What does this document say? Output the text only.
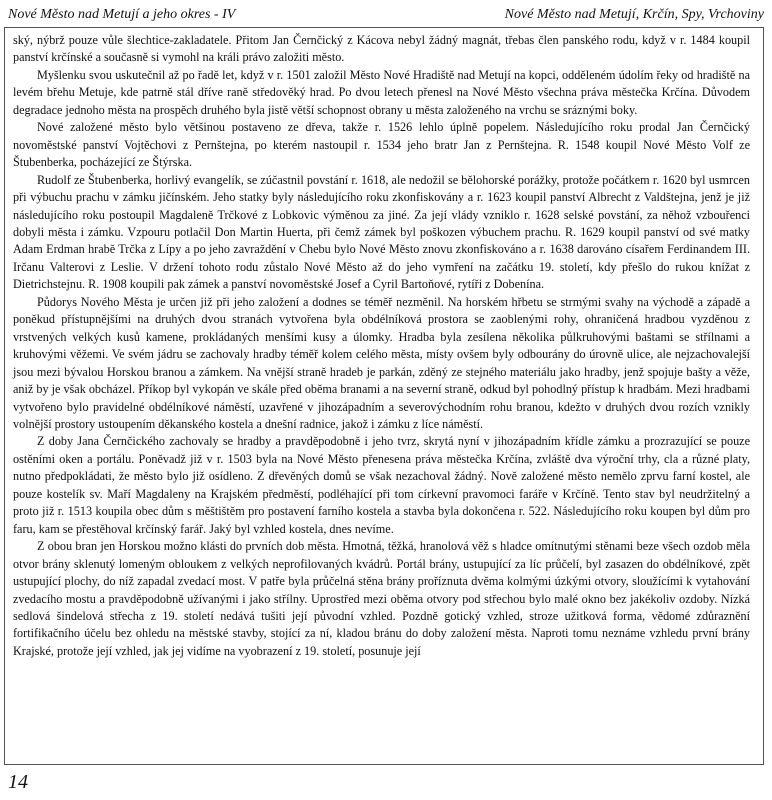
Nové Město nad Metují a jeho okres - IV	Nové Město nad Metují, Krčín, Spy, Vrchoviny

ský, nýbrž pouze vůle šlechtice-zakladatele. Přitom Jan Černčický z Kácova nebyl žádný magnát, třebas člen panského rodu, když v r. 1484 koupil panství krčínské a současně si vymohl na králi právo založiti město.

Myšlenku svou uskutečnil až po řadě let, když v r. 1501 založil Město Nové Hradiště nad Metují na kopci, odděleném údolím řeky od hradiště na levém břehu Metuje, kde patrně stál dříve raně středověký hrad. Po dvou letech přenesl na Nové Město všechna práva městečka Krčína. Důvodem degradace jednoho města na prospěch druhého byla jistě větší schopnost obrany u města založeného na vrchu se sráznými boky.

Nové založené město bylo většinou postaveno ze dřeva, takže r. 1526 lehlo úplně popelem. Následujícího roku prodal Jan Černčický novoměstské panství Vojtěchovi z Pernštejna, po kterém nastoupil r. 1534 jeho bratr Jan z Pernštejna. R. 1548 koupil Nové Město Volf ze Štubenberka, pocházející ze Štýrska.

Rudolf ze Štubenberka, horlivý evangelík, se zúčastnil povstání r. 1618, ale nedožil se bělohorské porážky, protože počátkem r. 1620 byl usmrcen při výbuchu prachu v zámku jičínském. Jeho statky byly následujícího roku zkonfiskovány a r. 1623 koupil panství Albrecht z Valdštejna, jenž je již následujícího roku postoupil Magdaleně Trčkové z Lobkovic výměnou za jiné. Za její vlády vzniklo r. 1628 selské povstání, za něhož vzbouřenci dobyli města i zámku. Vzpouru potlačil Don Martin Huerta, při čemž zámek byl poškozen výbuchem prachu. R. 1629 koupil panství od své matky Adam Erdman hrabě Trčka z Lípy a po jeho zavraždění v Chebu bylo Nové Město znovu zkonfiskováno a r. 1638 darováno císařem Ferdinandem III. Irčanu Valterovi z Leslie. V držení tohoto rodu zůstalo Nové Město až do jeho vymření na začátku 19. století, kdy přešlo do rukou knížat z Dietrichstejnu. R. 1908 koupili pak zámek a panství novoměstské Josef a Cyril Bartoňové, rytíři z Dobenína.

Půdorys Nového Města je určen již při jeho založení a dodnes se téměř nezměnil. Na horském hřbetu se strmými svahy na východě a západě a poněkud přístupnějšími na druhých dvou stranách vytvořena byla obdélníková prostora se zaoblenými rohy, ohraničená hradbou vyzděnou z vrstvených velkých kusů kamene, prokládaných menšími kusy a úlomky. Hradba byla zesílena několika půlkruhovými baštami se střílnami a kruhovými věžemi. Ve svém jádru se zachovaly hradby téměř kolem celého města, místy ovšem byly odbourány do úrovně ulice, ale nejzachovalejší jsou mezi bývalou Horskou branou a zámkem. Na vnější straně hradeb je parkán, zděný ze stejného materiálu jako hradby, jenž spojuje bašty a věže, aniž by je však obcházel. Příkop byl vykopán ve skále před oběma branami a na severní straně, odkud byl pohodlný přístup k hradbám. Mezi hradbami vytvořeno bylo pravidelné obdélníkové náměstí, uzavřené v jihozápadním a severovýchodním rohu branou, kdežto v druhých dvou rozích vznikly volnější prostory ustoupením děkanského kostela a dnešní radnice, jakož i zámku z líce náměstí.

Z doby Jana Černčického zachovaly se hradby a pravděpodobně i jeho tvrz, skrytá nyní v jihozápadním křídle zámku a prozrazující se pouze ostěními oken a portálu. Poněvadž již v r. 1503 byla na Nové Město přenesena práva městečka Krčína, zvláště dva výroční trhy, cla a různé platy, nutno předpokládati, že město bylo již osídleno. Z dřevěných domů se však nezachoval žádný. Nově založené město nemělo zprvu farní kostel, ale pouze kostelík sv. Maří Magdaleny na Krajském předměstí, podléhající při tom církevní pravomoci faráře v Krčíně. Tento stav byl neudržitelný a proto již r. 1513 koupila obec dům s měštištěm pro postavení farního kostela a stavba byla dokončena r. 522. Následujícího roku koupen byl dům pro faru, kam se přestěhoval krčínský farář. Jaký byl vzhled kostela, dnes nevíme.

Z obou bran jen Horskou možno klásti do prvních dob města. Hmotná, těžká, hranolová věž s hladce omítnutými stěnami beze všech ozdob měla otvor brány sklenutý lomeným obloukem z velkých neprofilovaných kvádrů. Portál brány, ustupující za líc průčelí, byl zasazen do obdélníkové, zpět ustupující plochy, do níž zapadal zvedací most. V patře byla průčelná stěna brány proříznuta dvěma kolmými úzkými otvory, sloužícími k vytahování zvedacího mostu a pravděpodobně užívanými i jako střílny. Uprostřed mezi oběma otvory pod střechou bylo malé okno bez jakékoliv ozdoby. Nízká sedlová šindelová střecha z 19. století nedává tušiti její původní vzhled. Pozdně gotický vzhled, stroze užitková forma, vědomé zdůraznění fortifikačního účelu bez ohledu na městské stavby, stojící za ní, kladou bránu do doby založení města. Naproti tomu neznáme vzhledu první brány Krajské, protože její vzhled, jak jej vidíme na vyobrazení z 19. století, posunuje její

14
